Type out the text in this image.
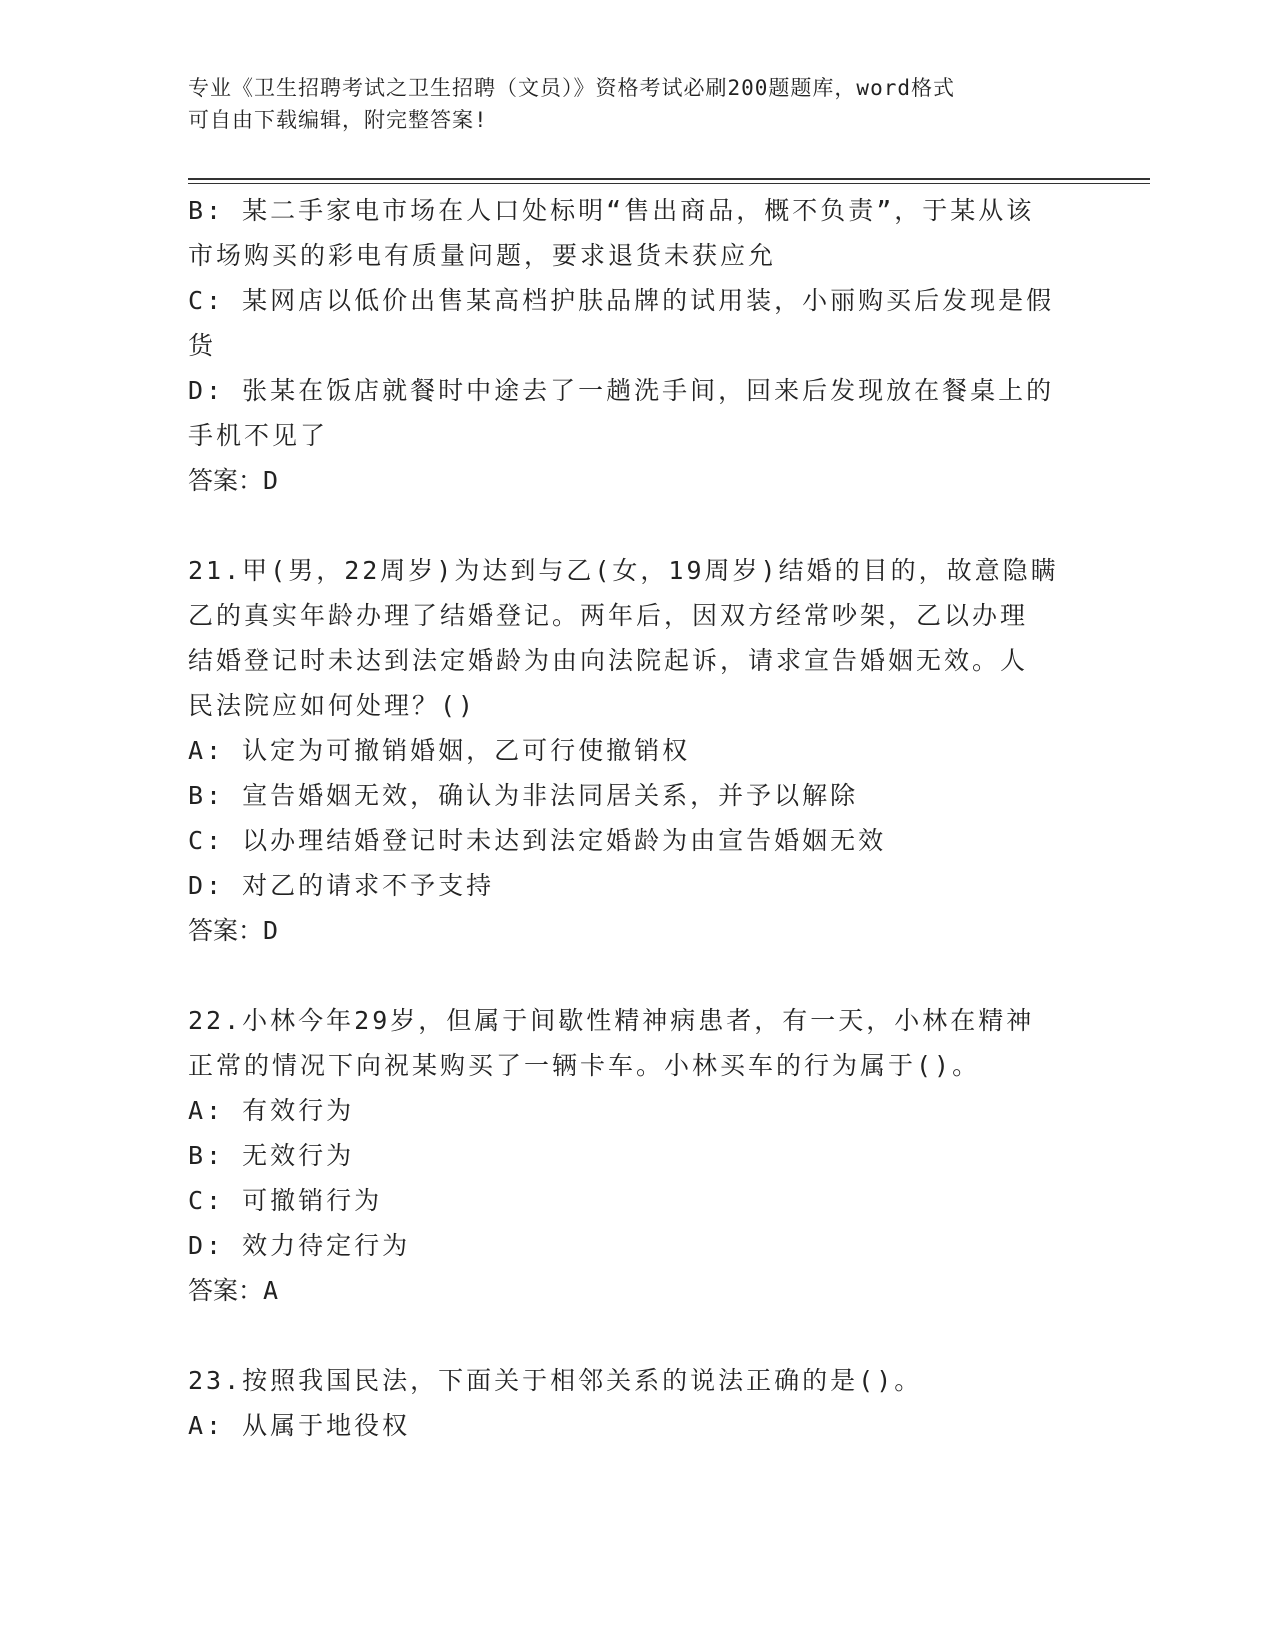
专业《卫生招聘考试之卫生招聘（文员）》资格考试必刷200题题库，word格式
可自由下载编辑，附完整答案!

B: 某二手家电市场在人口处标明“售出商品，概不负责”，于某从该

市场购买的彩电有质量问题，要求退货未获应允

C: 某网店以低价出售某高档护肤品牌的试用装，小丽购买后发现是假

货

D: 张某在饭店就餐时中途去了一趟洗手间，回来后发现放在餐桌上的

手机不见了

答案：D

21.甲(男，22周岁)为达到与乙(女，19周岁)结婚的目的，故意隐瞒

乙的真实年龄办理了结婚登记。两年后，因双方经常吵架，乙以办理

结婚登记时未达到法定婚龄为由向法院起诉，请求宣告婚姻无效。人

民法院应如何处理？()

A: 认定为可撤销婚姻，乙可行使撤销权

B: 宣告婚姻无效，确认为非法同居关系，并予以解除

C: 以办理结婚登记时未达到法定婚龄为由宣告婚姻无效

D: 对乙的请求不予支持

答案：D

22.小林今年29岁，但属于间歇性精神病患者，有一天，小林在精神

正常的情况下向祝某购买了一辆卡车。小林买车的行为属于()。

A: 有效行为

B: 无效行为

C: 可撤销行为

D: 效力待定行为

答案：A

23.按照我国民法，下面关于相邻关系的说法正确的是()。

A: 从属于地役权
